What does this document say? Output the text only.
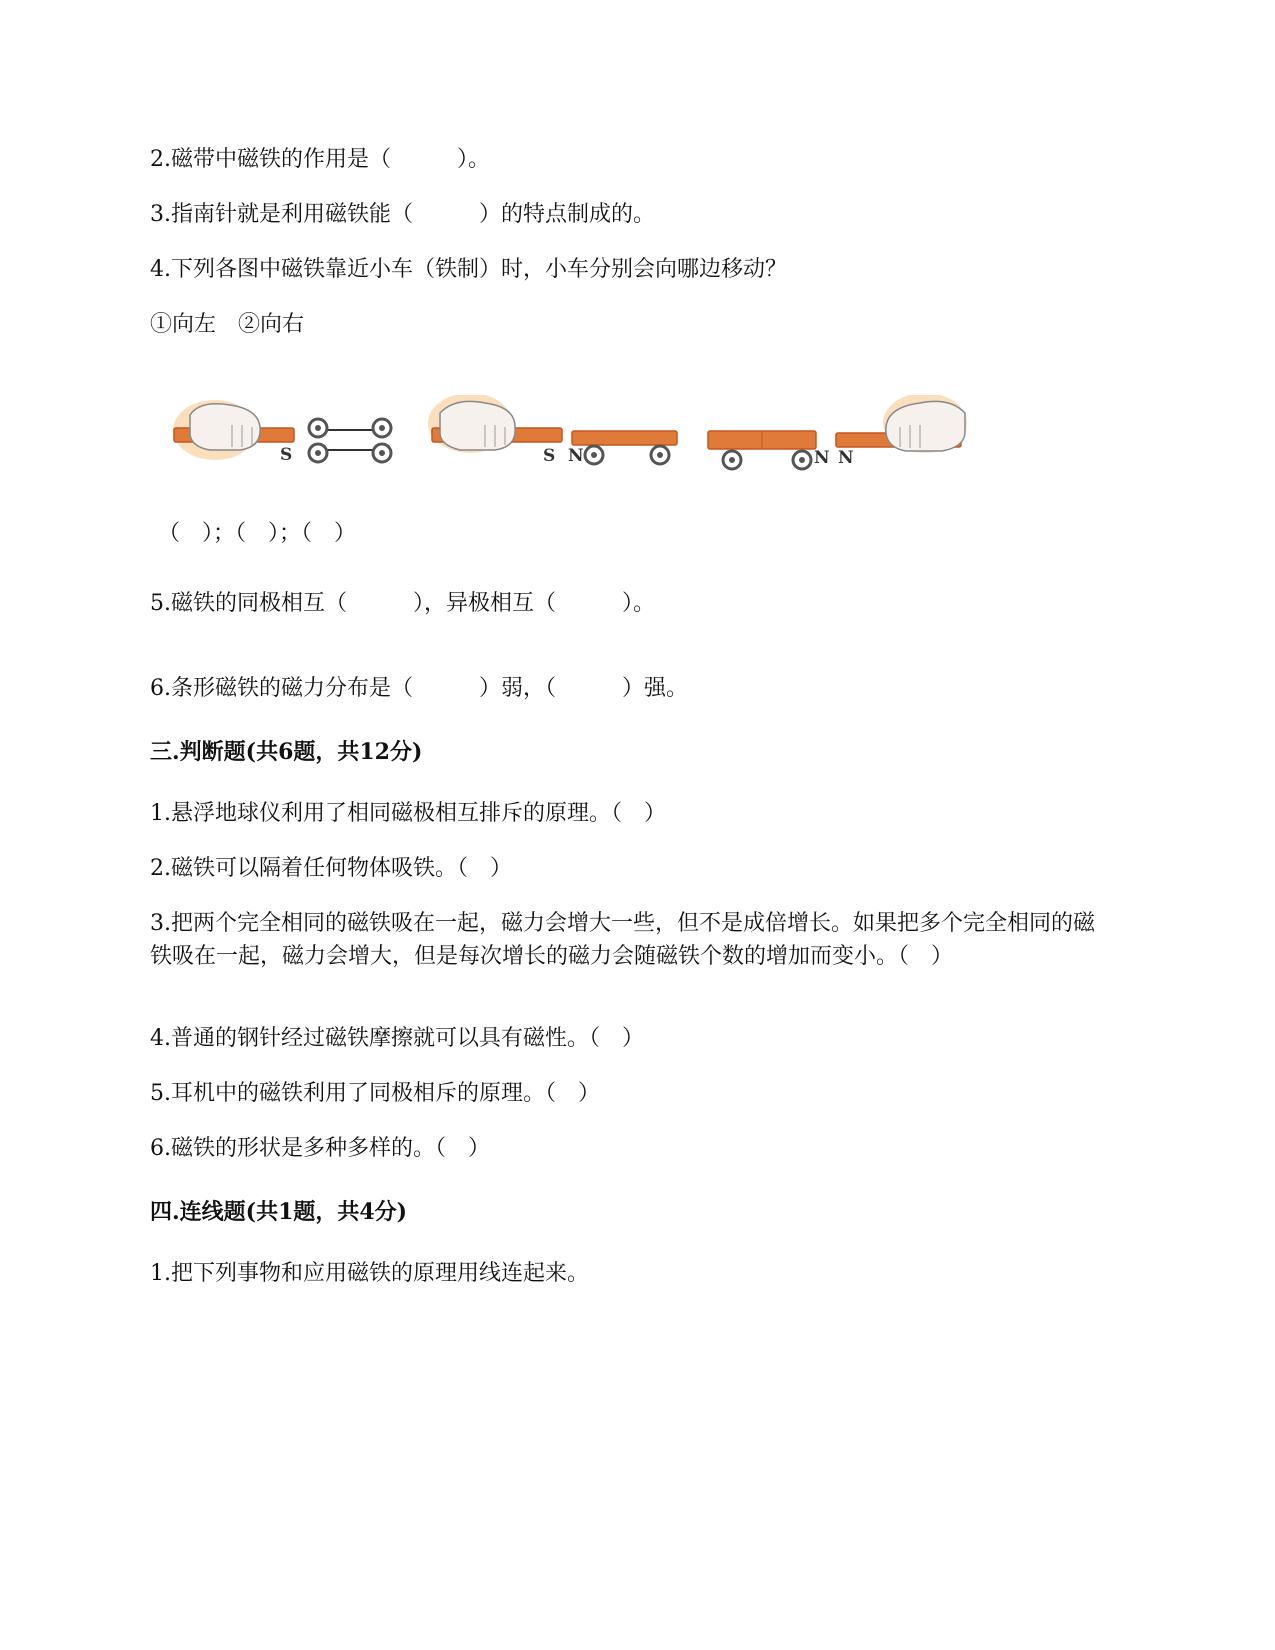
2.磁带中磁铁的作用是（　　　）。
3.指南针就是利用磁铁能（　　　）的特点制成的。
4.下列各图中磁铁靠近小车（铁制）时，小车分别会向哪边移动？
①向左　②向右
S	S N	N N
（　）；（　）；（　）
5.磁铁的同极相互（　　　），异极相互（　　　）。
6.条形磁铁的磁力分布是（　　　）弱，（　　　）强。
三.判断题(共6题，共12分)
1.悬浮地球仪利用了相同磁极相互排斥的原理。（　）
2.磁铁可以隔着任何物体吸铁。（　）
3.把两个完全相同的磁铁吸在一起，磁力会增大一些，但不是成倍增长。如果把多个完全相同的磁铁吸在一起，磁力会增大，但是每次增长的磁力会随磁铁个数的增加而变小。（　）
4.普通的钢针经过磁铁摩擦就可以具有磁性。（　）
5.耳机中的磁铁利用了同极相斥的原理。（　）
6.磁铁的形状是多种多样的。（　）
四.连线题(共1题，共4分)
1.把下列事物和应用磁铁的原理用线连起来。
